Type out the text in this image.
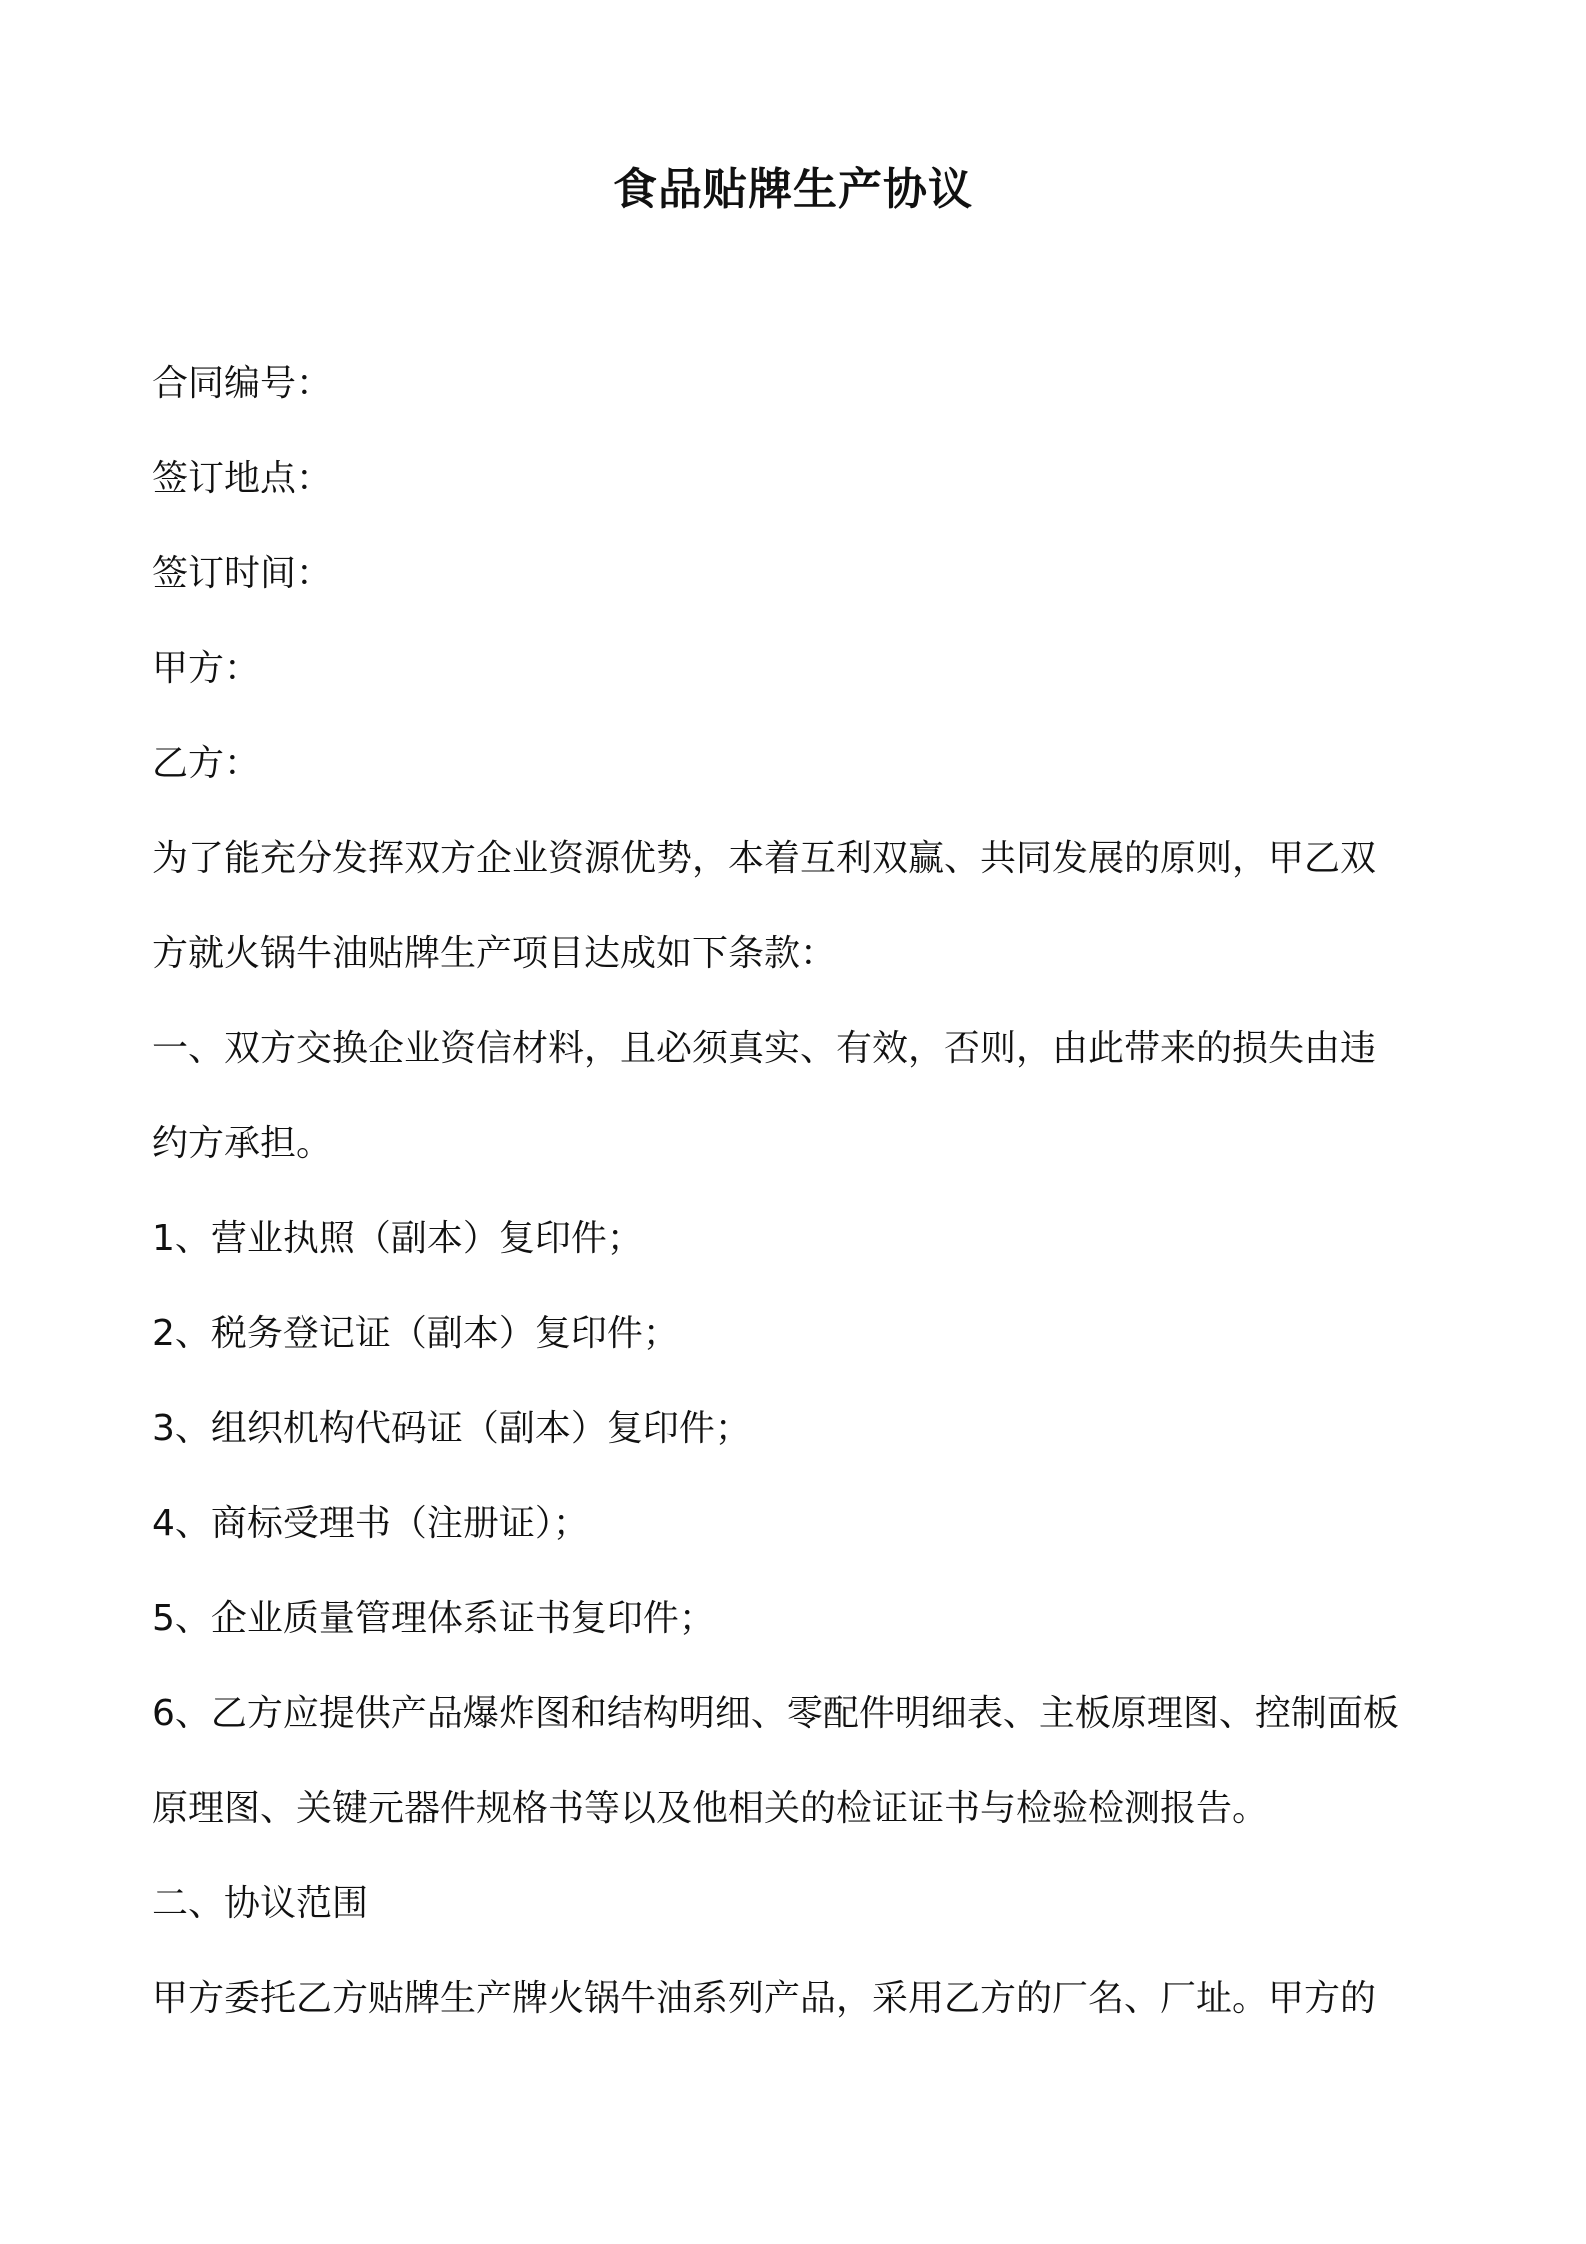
食品贴牌生产协议
合同编号：
签订地点：
签订时间：
甲方：
乙方：
为了能充分发挥双方企业资源优势，本着互利双赢、共同发展的原则，甲乙双
方就火锅牛油贴牌生产项目达成如下条款：
一、双方交换企业资信材料，且必须真实、有效，否则，由此带来的损失由违
约方承担。
1、营业执照（副本）复印件；
2、税务登记证（副本）复印件；
3、组织机构代码证（副本）复印件；
4、商标受理书（注册证）；
5、企业质量管理体系证书复印件；
6、乙方应提供产品爆炸图和结构明细、零配件明细表、主板原理图、控制面板
原理图、关键元器件规格书等以及他相关的检证证书与检验检测报告。
二、协议范围
甲方委托乙方贴牌生产牌火锅牛油系列产品，采用乙方的厂名、厂址。甲方的
